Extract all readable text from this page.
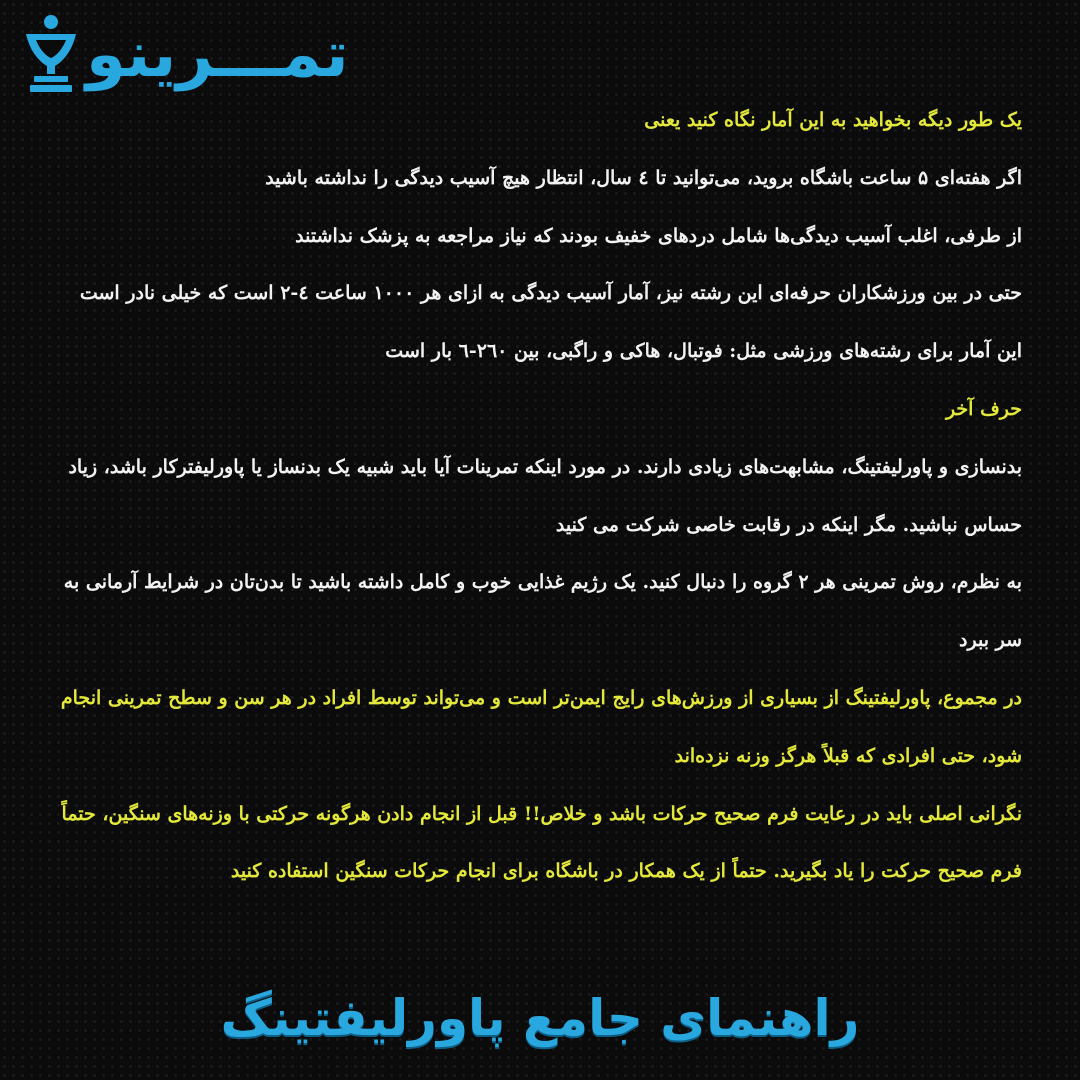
تمـــرینو

یک طور دیگه بخواهید به این آمار نگاه کنید یعنی

اگر هفته‌ای ۵ ساعت باشگاه بروید، می‌توانید تا ٤ سال، انتظار هیچ آسیب دیدگی را نداشته باشید

از طرفی، اغلب آسیب دیدگی‌ها شامل دردهای خفیف بودند که نیاز مراجعه به پزشک نداشتند

حتی در بین ورزشکاران حرفه‌ای این رشته نیز، آمار آسیب دیدگی به ازای هر ۱۰۰۰ ساعت ٤-۲ است که خیلی نادر است

این آمار برای رشته‌های ورزشی مثل: فوتبال، هاکی و راگبی، بین ۲٦۰-٦ بار است

حرف آخر

بدنسازی و پاورلیفتینگ، مشابهت‌های زیادی دارند. در مورد اینکه تمرینات آیا باید شبیه یک بدنساز یا پاورلیفترکار باشد، زیاد حساس نباشید. مگر اینکه در رقابت خاصی شرکت می کنید

به نظرم، روش تمرینی هر ۲ گروه را دنبال کنید. یک رژیم غذایی خوب و کامل داشته باشید تا بدن‌تان در شرایط آرمانی به سر ببرد

در مجموع، پاورلیفتینگ از بسیاری از ورزش‌های رایج ایمن‌تر است و می‌تواند توسط افراد در هر سن و سطح تمرینی انجام شود، حتی افرادی که قبلاً هرگز وزنه نزده‌اند

نگرانی اصلی باید در رعایت فرم صحیح حرکات باشد و خلاص!! قبل از انجام دادن هرگونه حرکتی با وزنه‌های سنگین، حتماً فرم صحیح حرکت را یاد بگیرید. حتماً از یک همکار در باشگاه برای انجام حرکات سنگین استفاده کنید

راهنمای جامع پاورلیفتینگ
